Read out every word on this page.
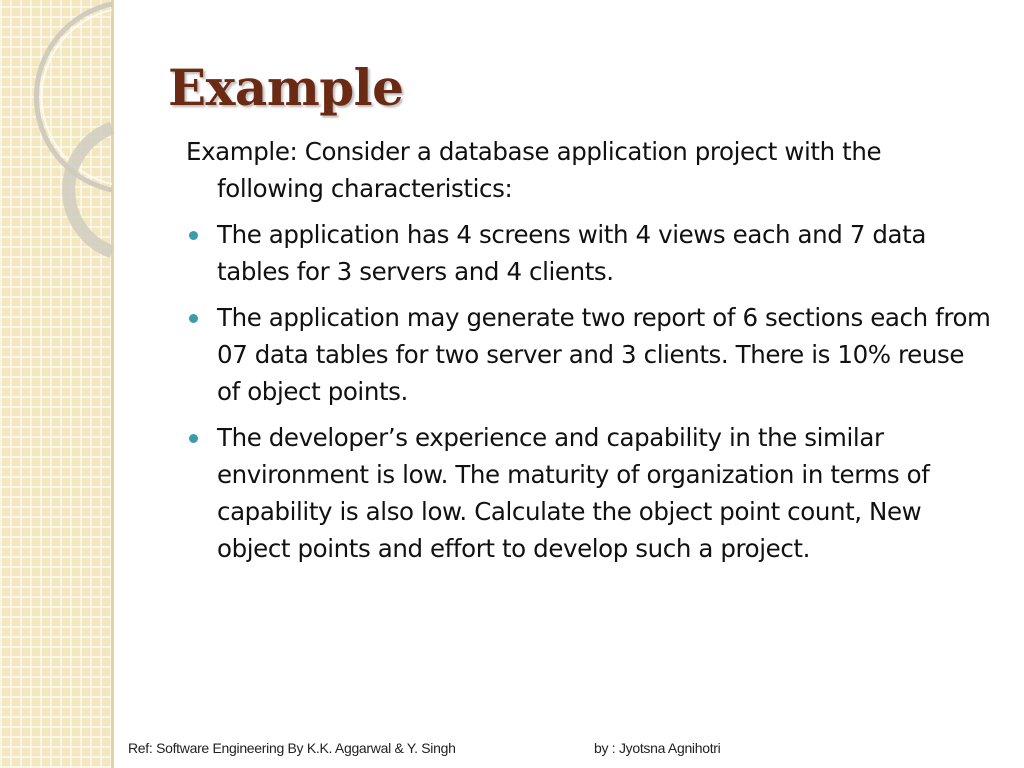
Example

Example: Consider a database application project with the following characteristics:

The application has 4 screens with 4 views each and 7 data tables for 3 servers and 4 clients.
The application may generate two report of 6 sections each from 07 data tables for two server and 3 clients. There is 10% reuse of object points.
The developer’s experience and capability in the similar environment is low. The maturity of organization in terms of capability is also low. Calculate the object point count, New object points and effort to develop such a project.
Ref: Software Engineering By K.K. Aggarwal & Y. Singh	by : Jyotsna Agnihotri
